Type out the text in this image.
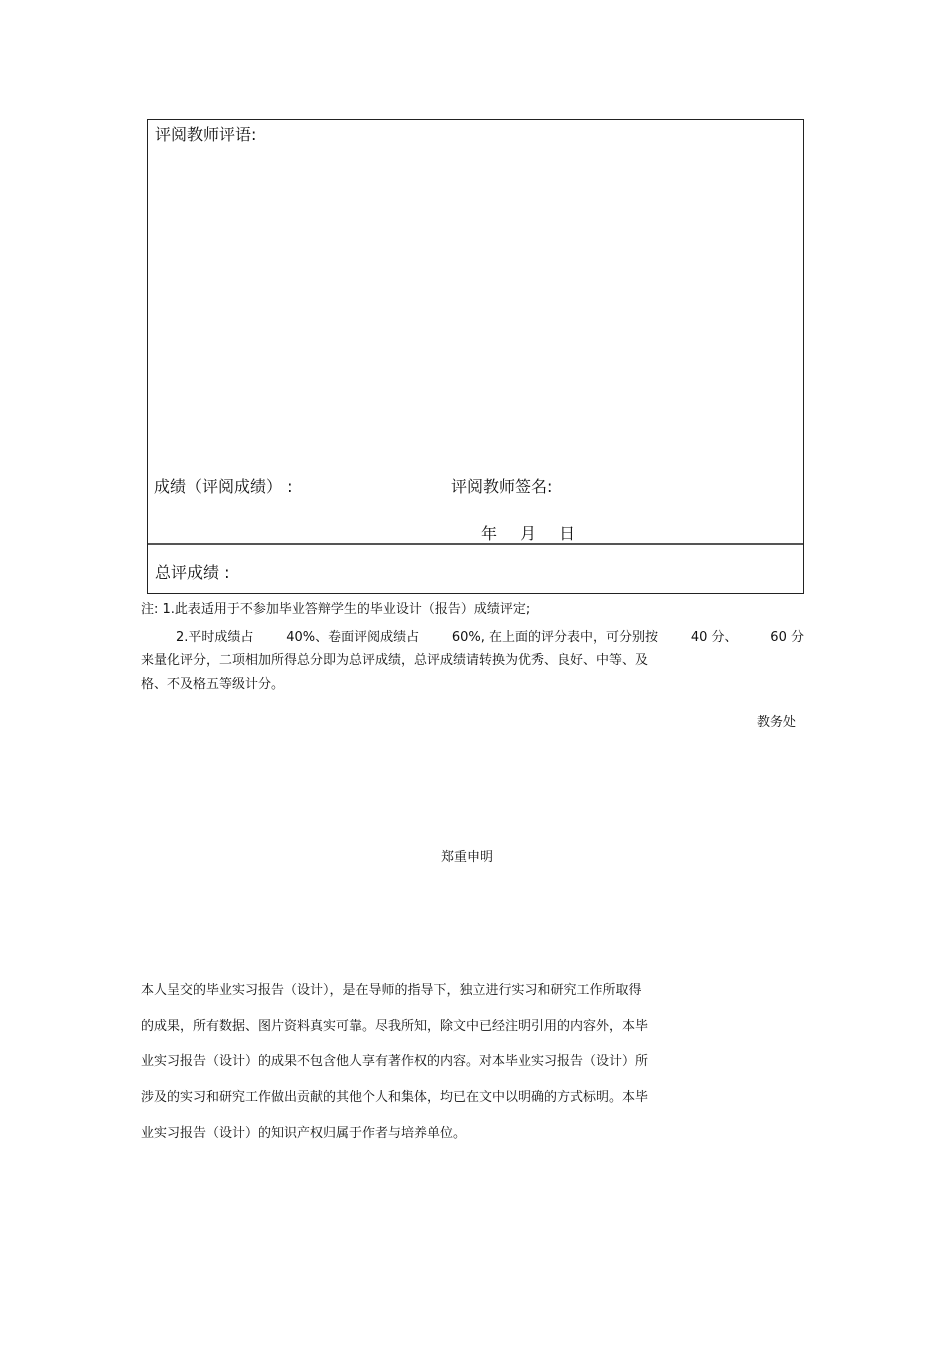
评阅教师评语:
成绩（评阅成绩） :	评阅教师签名:
年 月 日
总评成绩 :
注: 1.此表适用于不参加毕业答辩学生的毕业设计（报告）成绩评定;
2.平时成绩占	40%、卷面评阅成绩占	60%, 在上面的评分表中，可分别按	40 分、	60 分
来量化评分，二项相加所得总分即为总评成绩，总评成绩请转换为优秀、良好、中等、及
格、不及格五等级计分。
教务处
郑重申明
本人呈交的毕业实习报告（设计），是在导师的指导下，独立进行实习和研究工作所取得
的成果，所有数据、图片资料真实可靠。尽我所知，除文中已经注明引用的内容外，本毕
业实习报告（设计）的成果不包含他人享有著作权的内容。对本毕业实习报告（设计）所
涉及的实习和研究工作做出贡献的其他个人和集体，均已在文中以明确的方式标明。本毕
业实习报告（设计）的知识产权归属于作者与培养单位。
